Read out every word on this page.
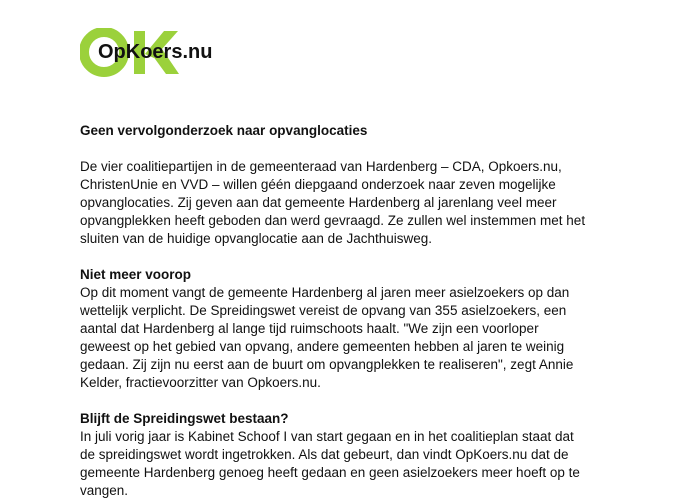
OpKoers.nu
Geen vervolgonderzoek naar opvanglocaties
De vier coalitiepartijen in de gemeenteraad van Hardenberg – CDA, Opkoers.nu,
ChristenUnie en VVD – willen géén diepgaand onderzoek naar zeven mogelijke
opvanglocaties. Zij geven aan dat gemeente Hardenberg al jarenlang veel meer
opvangplekken heeft geboden dan werd gevraagd. Ze zullen wel instemmen met het
sluiten van de huidige opvanglocatie aan de Jachthuisweg.
Niet meer voorop
Op dit moment vangt de gemeente Hardenberg al jaren meer asielzoekers op dan
wettelijk verplicht. De Spreidingswet vereist de opvang van 355 asielzoekers, een
aantal dat Hardenberg al lange tijd ruimschoots haalt. "We zijn een voorloper
geweest op het gebied van opvang, andere gemeenten hebben al jaren te weinig
gedaan. Zij zijn nu eerst aan de buurt om opvangplekken te realiseren", zegt Annie
Kelder, fractievoorzitter van Opkoers.nu.
Blijft de Spreidingswet bestaan?
In juli vorig jaar is Kabinet Schoof I van start gegaan en in het coalitieplan staat dat
de spreidingswet wordt ingetrokken. Als dat gebeurt, dan vindt OpKoers.nu dat de
gemeente Hardenberg genoeg heeft gedaan en geen asielzoekers meer hoeft op te
vangen.
